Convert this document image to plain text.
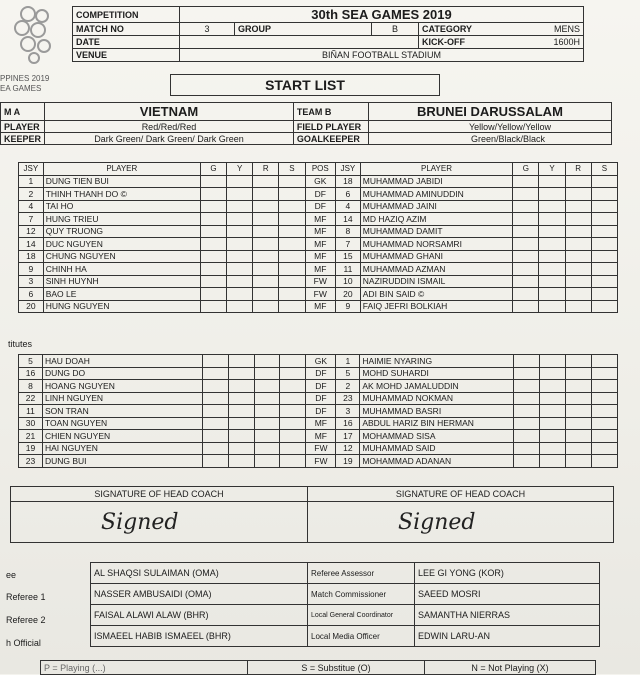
PPINES 2019
EA GAMES
COMPETITION	30th SEA GAMES 2019			
MATCH NO	3	GROUP	B	CATEGORY MENS

DATE				KICK-OFF 1600H

VENUE	BIÑAN FOOTBALL STADIUM			
START LIST
M A	VIETNAM	TEAM B	BRUNEI DARUSSALAM
PLAYER	Red/Red/Red	FIELD PLAYER	Yellow/Yellow/Yellow
KEEPER	Dark Green/ Dark Green/ Dark Green	GOALKEEPER	Green/Black/Black
JSY	PLAYER	G	Y	R	S	POS	JSY	PLAYER	G	Y	R	S
1	DUNG TIEN BUI					GK	18	MUHAMMAD JABIDI				
2	THINH THANH DO ©					DF	6	MUHAMMAD AMINUDDIN				
4	TAI HO					DF	4	MUHAMMAD JAINI				
7	HUNG TRIEU					MF	14	MD HAZIQ AZIM				
12	QUY TRUONG					MF	8	MUHAMMAD DAMIT				
14	DUC NGUYEN					MF	7	MUHAMMAD NORSAMRI				
18	CHUNG NGUYEN					MF	15	MUHAMMAD GHANI				
9	CHINH HA					MF	11	MUHAMMAD AZMAN				
3	SINH HUYNH					FW	10	NAZIRUDDIN ISMAIL				
6	BAO LE					FW	20	ADI BIN SAID ©				
20	HUNG NGUYEN					MF	9	FAIQ JEFRI BOLKIAH				
titutes

5	HAU DOAH					GK	1	HAIMIE NYARING				
16	DUNG DO					DF	5	MOHD SUHARDI				
8	HOANG NGUYEN					DF	2	AK MOHD JAMALUDDIN				
22	LINH NGUYEN					DF	23	MUHAMMAD NOKMAN				
11	SON TRAN					DF	3	MUHAMMAD BASRI				
30	TOAN NGUYEN					MF	16	ABDUL HARIZ BIN HERMAN				
21	CHIEN NGUYEN					MF	17	MOHAMMAD SISA				
19	HAI NGUYEN					FW	12	MUHAMMAD SAID				
23	DUNG BUI					FW	19	MOHAMMAD ADANAN				
SIGNATURE OF HEAD COACH	SIGNATURE OF HEAD COACH
Signed	Signed
ee
Referee 1
Referee 2
h Official
AL SHAQSI SULAIMAN (OMA)	Referee Assessor	LEE GI YONG (KOR)
NASSER AMBUSAIDI (OMA)	Match Commissioner	SAEED MOSRI
FAISAL ALAWI ALAW (BHR)	Local General Coordinator	SAMANTHA NIERRAS
ISMAEEL HABIB ISMAEEL (BHR)	Local Media Officer	EDWIN LARU-AN
P = Playing (...)	S = Substitue (O)	N = Not Playing (X)
